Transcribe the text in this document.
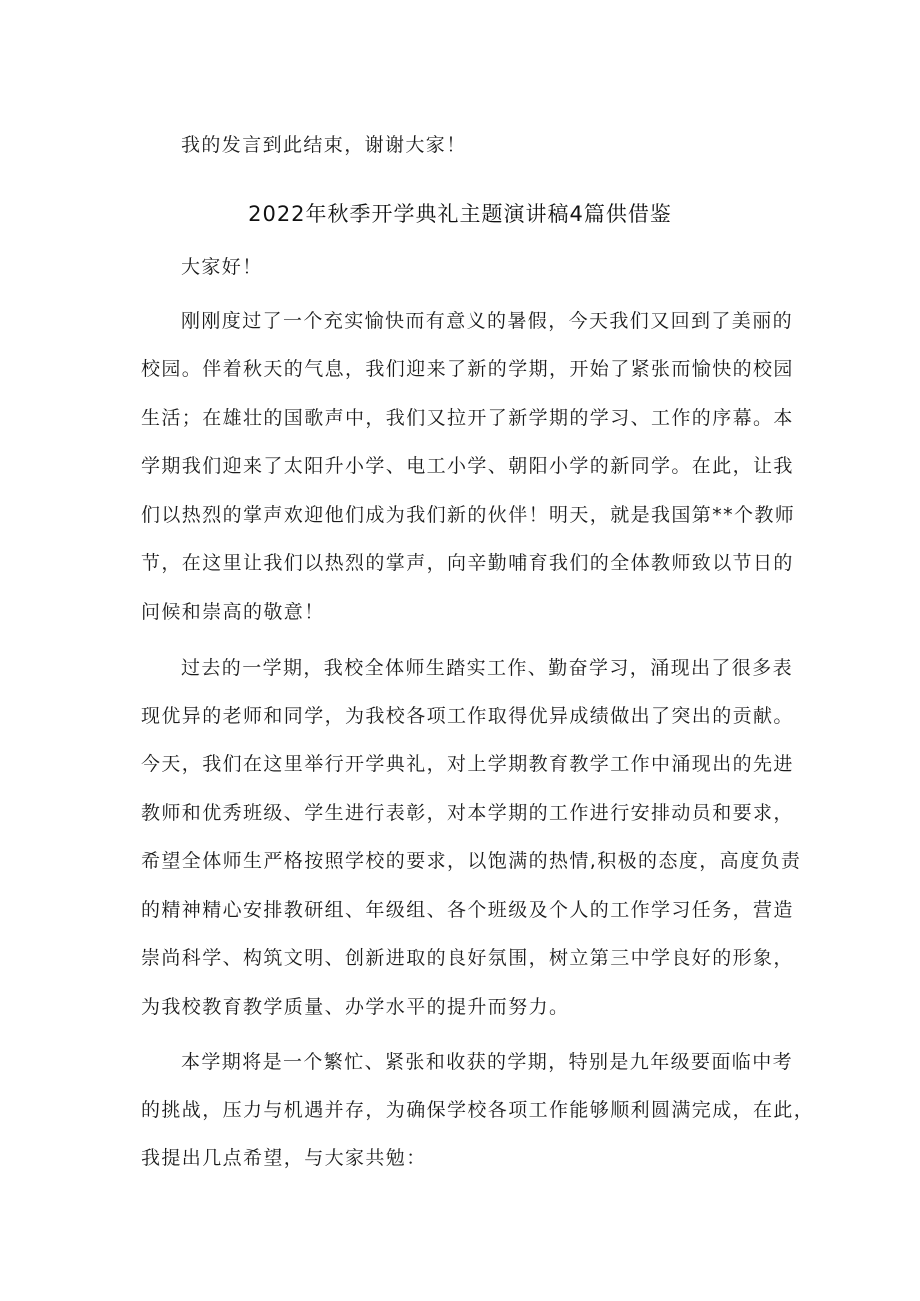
我的发言到此结束，谢谢大家！
2022年秋季开学典礼主题演讲稿4篇供借鉴
大家好！
刚刚度过了一个充实愉快而有意义的暑假，今天我们又回到了美丽的
校园。伴着秋天的气息，我们迎来了新的学期，开始了紧张而愉快的校园
生活；在雄壮的国歌声中，我们又拉开了新学期的学习、工作的序幕。本
学期我们迎来了太阳升小学、电工小学、朝阳小学的新同学。在此，让我
们以热烈的掌声欢迎他们成为我们新的伙伴！明天，就是我国第**个教师
节，在这里让我们以热烈的掌声，向辛勤哺育我们的全体教师致以节日的
问候和崇高的敬意！
过去的一学期，我校全体师生踏实工作、勤奋学习，涌现出了很多表
现优异的老师和同学，为我校各项工作取得优异成绩做出了突出的贡献。
今天，我们在这里举行开学典礼，对上学期教育教学工作中涌现出的先进
教师和优秀班级、学生进行表彰，对本学期的工作进行安排动员和要求，
希望全体师生严格按照学校的要求，以饱满的热情,积极的态度，高度负责
的精神精心安排教研组、年级组、各个班级及个人的工作学习任务，营造
崇尚科学、构筑文明、创新进取的良好氛围，树立第三中学良好的形象，
为我校教育教学质量、办学水平的提升而努力。
本学期将是一个繁忙、紧张和收获的学期，特别是九年级要面临中考
的挑战，压力与机遇并存，为确保学校各项工作能够顺利圆满完成，在此，
我提出几点希望，与大家共勉：
